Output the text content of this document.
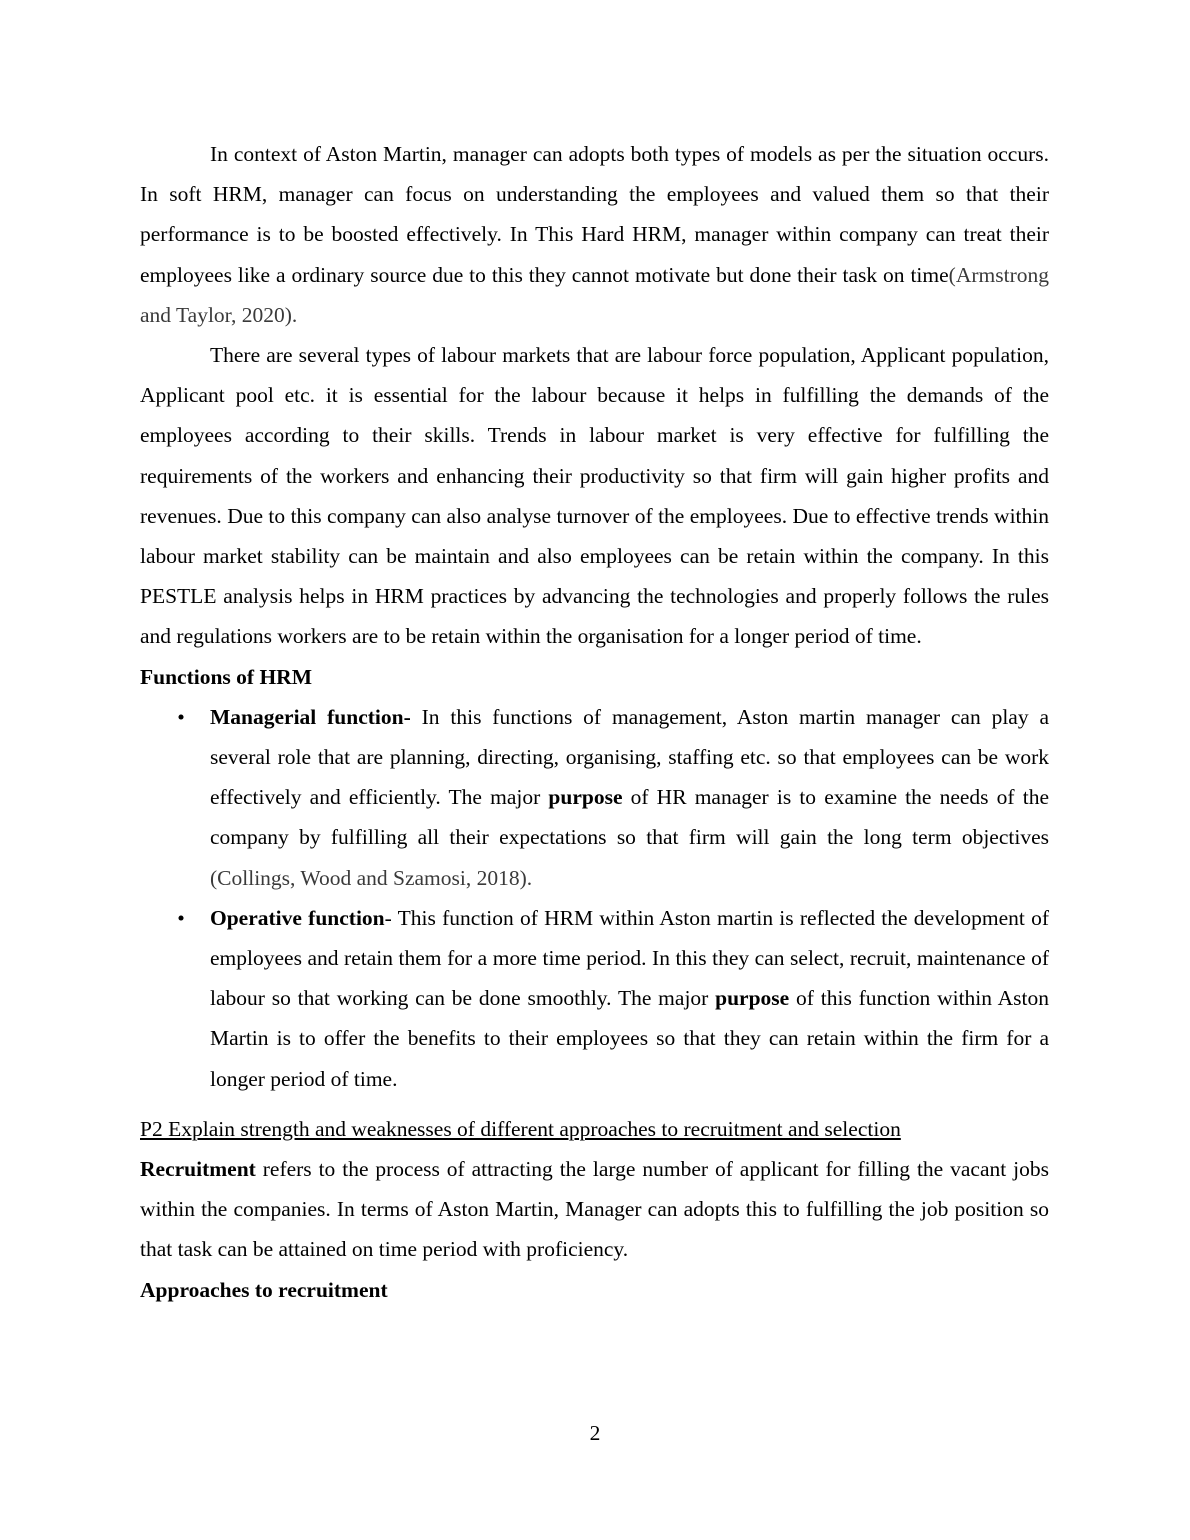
In context of Aston Martin, manager can adopts both types of models as per the situation occurs. In soft HRM, manager can focus on understanding the employees and valued them so that their performance is to be boosted effectively. In This Hard HRM, manager within company can treat their employees like a ordinary source due to this they cannot motivate but done their task on time(Armstrong and Taylor, 2020).

There are several types of labour markets that are labour force population, Applicant population, Applicant pool etc. it is essential for the labour because it helps in fulfilling the demands of the employees according to their skills. Trends in labour market is very effective for fulfilling the requirements of the workers and enhancing their productivity so that firm will gain higher profits and revenues. Due to this company can also analyse turnover of the employees. Due to effective trends within labour market stability can be maintain and also employees can be retain within the company. In this PESTLE analysis helps in HRM practices by advancing the technologies and properly follows the rules and regulations workers are to be retain within the organisation for a longer period of time.

Functions of HRM
• Managerial function- In this functions of management, Aston martin manager can play a several role that are planning, directing, organising, staffing etc. so that employees can be work effectively and efficiently. The major purpose of HR manager is to examine the needs of the company by fulfilling all their expectations so that firm will gain the long term objectives (Collings, Wood and Szamosi, 2018).
• Operative function- This function of HRM within Aston martin is reflected the development of employees and retain them for a more time period. In this they can select, recruit, maintenance of labour so that working can be done smoothly. The major purpose of this function within Aston Martin is to offer the benefits to their employees so that they can retain within the firm for a longer period of time.
P2 Explain strength and weaknesses of different approaches to recruitment and selection

Recruitment refers to the process of attracting the large number of applicant for filling the vacant jobs within the companies. In terms of Aston Martin, Manager can adopts this to fulfilling the job position so that task can be attained on time period with proficiency.

Approaches to recruitment
2
